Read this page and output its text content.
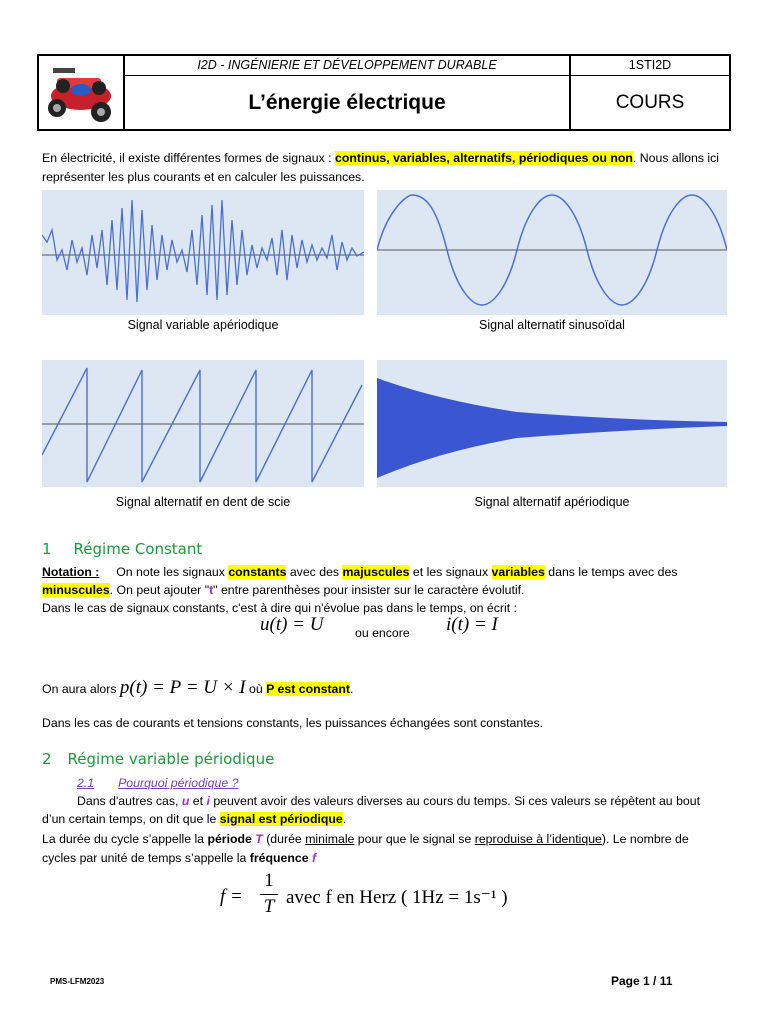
I2D - INGÉNIERIE ET DÉVELOPPEMENT DURABLE	1STI2D
L’énergie électrique	COURS
En électricité, il existe différentes formes de signaux : continus, variables, alternatifs, périodiques ou non. Nous allons ici
représenter les plus courants et en calculer les puissances.
Signal variable apériodique	Signal alternatif sinusoïdal
Signal alternatif en dent de scie	Signal alternatif apériodique
1 Régime Constant
Notation : On note les signaux constants avec des majuscules et les signaux variables dans le temps avec des
minuscules. On peut ajouter "t" entre parenthèses pour insister sur le caractère évolutif.
Dans le cas de signaux constants, c'est à dire qui n'évolue pas dans le temps, on écrit :
u(t) = U	ou encore i(t) = I
On aura alors p(t) = P = U × I où P est constant.
Dans les cas de courants et tensions constants, les puissances échangées sont constantes.
2 Régime variable périodique
2.1 Pourquoi périodique ?
Dans d'autres cas, u et i peuvent avoir des valeurs diverses au cours du temps. Si ces valeurs se répètent au bout
d’un certain temps, on dit que le signal est périodique.
La durée du cycle s’appelle la période T (durée minimale pour que le signal se reproduise à l’identique). Le nombre de
cycles par unité de temps s’appelle la fréquence f
f =
1
T avec f en Herz ( 1Hz = 1s⁻¹ )
PMS-LFM2023	Page 1 / 11
